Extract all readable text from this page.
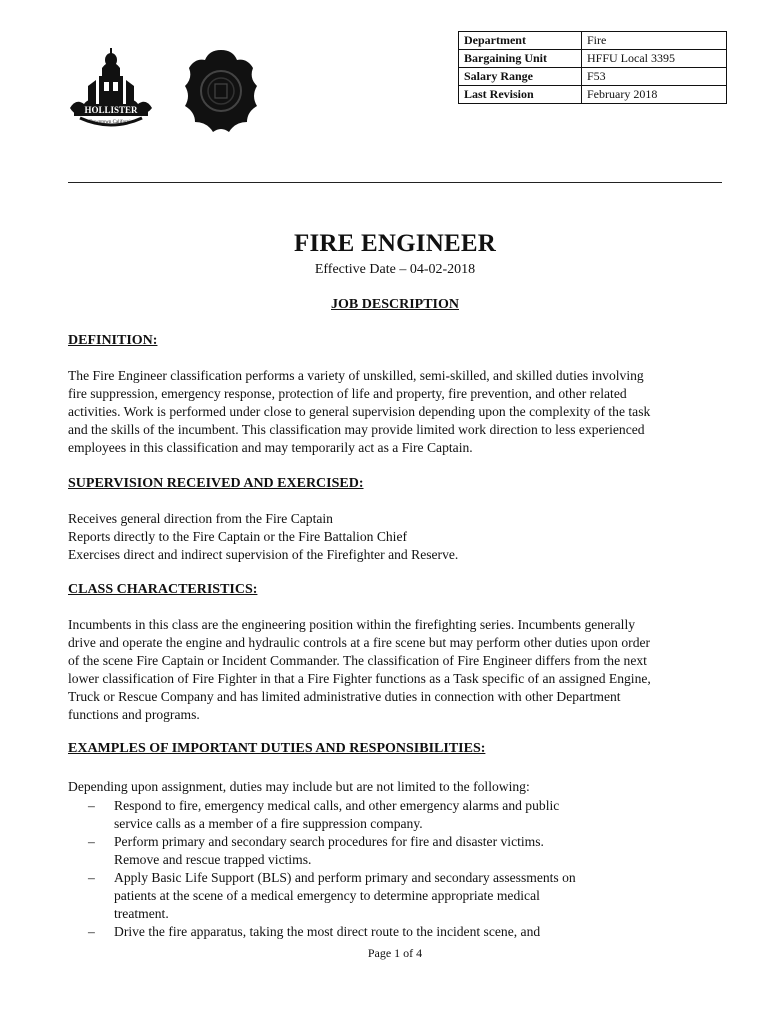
HOLLISTER
Downtown California
Department	Fire
Bargaining Unit	HFFU Local 3395
Salary Range	F53
Last Revision	February 2018
FIRE ENGINEER
Effective Date – 04-02-2018
JOB DESCRIPTION
DEFINITION:
The Fire Engineer classification performs a variety of unskilled, semi-skilled, and skilled duties involving
fire suppression, emergency response, protection of life and property, fire prevention, and other related
activities. Work is performed under close to general supervision depending upon the complexity of the task
and the skills of the incumbent. This classification may provide limited work direction to less experienced
employees in this classification and may temporarily act as a Fire Captain.
SUPERVISION RECEIVED AND EXERCISED:
Receives general direction from the Fire Captain
Reports directly to the Fire Captain or the Fire Battalion Chief
Exercises direct and indirect supervision of the Firefighter and Reserve.
CLASS CHARACTERISTICS:
Incumbents in this class are the engineering position within the firefighting series. Incumbents generally
drive and operate the engine and hydraulic controls at a fire scene but may perform other duties upon order
of the scene Fire Captain or Incident Commander. The classification of Fire Engineer differs from the next
lower classification of Fire Fighter in that a Fire Fighter functions as a Task specific of an assigned Engine,
Truck or Rescue Company and has limited administrative duties in connection with other Department
functions and programs.
EXAMPLES OF IMPORTANT DUTIES AND RESPONSIBILITIES:
Depending upon assignment, duties may include but are not limited to the following:
– Respond to fire, emergency medical calls, and other emergency alarms and public
service calls as a member of a fire suppression company.
– Perform primary and secondary search procedures for fire and disaster victims.
Remove and rescue trapped victims.
– Apply Basic Life Support (BLS) and perform primary and secondary assessments on
patients at the scene of a medical emergency to determine appropriate medical
treatment.
– Drive the fire apparatus, taking the most direct route to the incident scene, and
Page 1 of 4
